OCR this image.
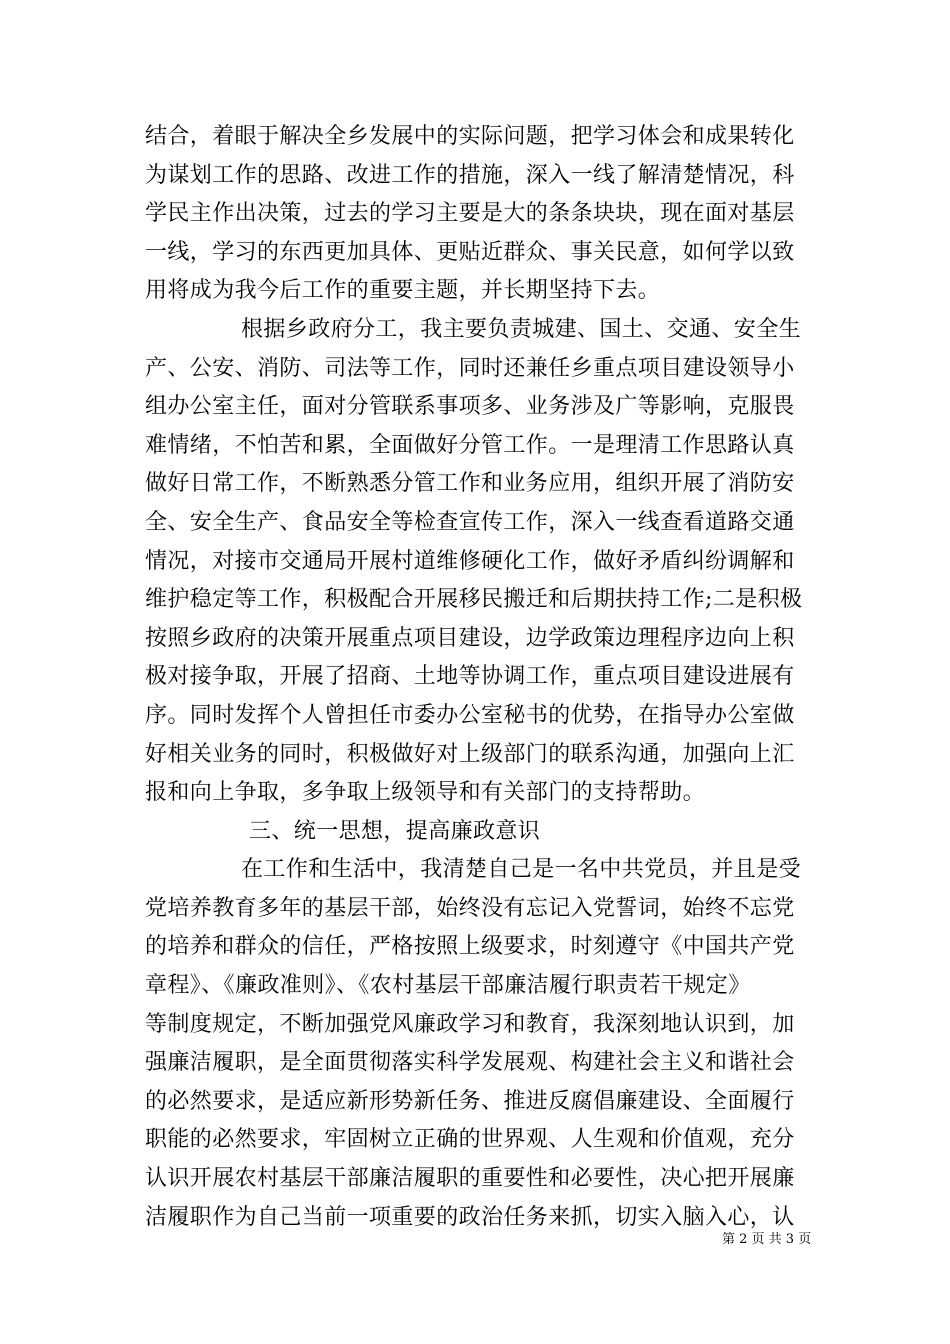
结合，着眼于解决全乡发展中的实际问题，把学习体会和成果转化
为谋划工作的思路、改进工作的措施，深入一线了解清楚情况，科
学民主作出决策，过去的学习主要是大的条条块块，现在面对基层
一线，学习的东西更加具体、更贴近群众、事关民意，如何学以致
用将成为我今后工作的重要主题，并长期坚持下去。
根据乡政府分工，我主要负责城建、国土、交通、安全生
产、公安、消防、司法等工作，同时还兼任乡重点项目建设领导小
组办公室主任，面对分管联系事项多、业务涉及广等影响，克服畏
难情绪，不怕苦和累，全面做好分管工作。一是理清工作思路认真
做好日常工作，不断熟悉分管工作和业务应用，组织开展了消防安
全、安全生产、食品安全等检查宣传工作，深入一线查看道路交通
情况，对接市交通局开展村道维修硬化工作，做好矛盾纠纷调解和
维护稳定等工作，积极配合开展移民搬迁和后期扶持工作;二是积极
按照乡政府的决策开展重点项目建设，边学政策边理程序边向上积
极对接争取，开展了招商、土地等协调工作，重点项目建设进展有
序。同时发挥个人曾担任市委办公室秘书的优势，在指导办公室做
好相关业务的同时，积极做好对上级部门的联系沟通，加强向上汇
报和向上争取，多争取上级领导和有关部门的支持帮助。
三、统一思想，提高廉政意识
在工作和生活中，我清楚自己是一名中共党员，并且是受
党培养教育多年的基层干部，始终没有忘记入党誓词，始终不忘党
的培养和群众的信任，严格按照上级要求，时刻遵守《中国共产党
章程》、《廉政准则》、《农村基层干部廉洁履行职责若干规定》
等制度规定，不断加强党风廉政学习和教育，我深刻地认识到，加
强廉洁履职，是全面贯彻落实科学发展观、构建社会主义和谐社会
的必然要求，是适应新形势新任务、推进反腐倡廉建设、全面履行
职能的必然要求，牢固树立正确的世界观、人生观和价值观，充分
认识开展农村基层干部廉洁履职的重要性和必要性，决心把开展廉
洁履职作为自己当前一项重要的政治任务来抓，切实入脑入心，认
第 2 页 共 3 页
